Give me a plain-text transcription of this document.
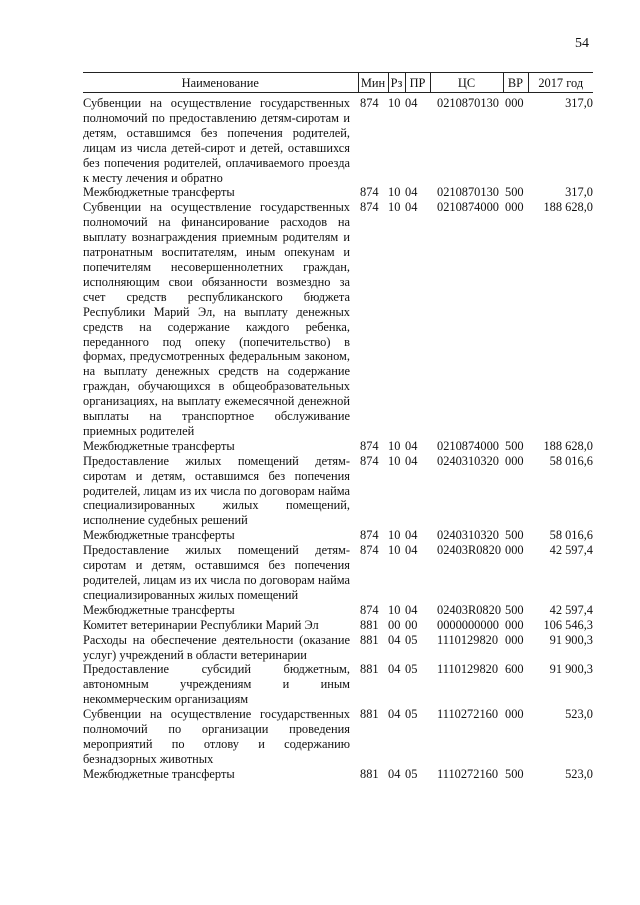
54
Наименование	Мин	Рз	ПР	ЦС	ВР	2017 год

Субвенции на осуществление государственных полномочий по предоставлению детям-сиротам и детям, оставшимся без попечения родителей, лицам из числа детей-сирот и детей, оставшихся без попечения родителей, оплачиваемого проезда к месту лечения и обратно	874	10	04	0210870130	000	317,0
Межбюджетные трансферты	874	10	04	0210870130	500	317,0
Субвенции на осуществление государственных полномочий на финансирование расходов на выплату вознаграждения приемным родителям и патронатным воспитателям, иным опекунам и попечителям несовершеннолетних граждан, исполняющим свои обязанности возмездно за счет средств республиканского бюджета Республики Марий Эл, на выплату денежных средств на содержание каждого ребенка, переданного под опеку (попечительство) в формах, предусмотренных федеральным законом, на выплату денежных средств на содержание граждан, обучающихся в общеобразовательных организациях, на выплату ежемесячной денежной выплаты на транспортное обслуживание приемных родителей	874	10	04	0210874000	000	188 628,0
Межбюджетные трансферты	874	10	04	0210874000	500	188 628,0
Предоставление жилых помещений детям-сиротам и детям, оставшимся без попечения родителей, лицам из их числа по договорам найма специализированных жилых помещений, исполнение судебных решений	874	10	04	0240310320	000	58 016,6
Межбюджетные трансферты	874	10	04	0240310320	500	58 016,6
Предоставление жилых помещений детям-сиротам и детям, оставшимся без попечения родителей, лицам из их числа по договорам найма специализированных жилых помещений	874	10	04	02403R0820	000	42 597,4
Межбюджетные трансферты	874	10	04	02403R0820	500	42 597,4
Комитет ветеринарии Республики Марий Эл	881	00	00	0000000000	000	106 546,3
Расходы на обеспечение деятельности (оказание услуг) учреждений в области ветеринарии	881	04	05	1110129820	000	91 900,3
Предоставление субсидий бюджетным, автономным учреждениям и иным некоммерческим организациям	881	04	05	1110129820	600	91 900,3
Субвенции на осуществление государственных полномочий по организации проведения мероприятий по отлову и содержанию безнадзорных животных	881	04	05	1110272160	000	523,0
Межбюджетные трансферты	881	04	05	1110272160	500	523,0
